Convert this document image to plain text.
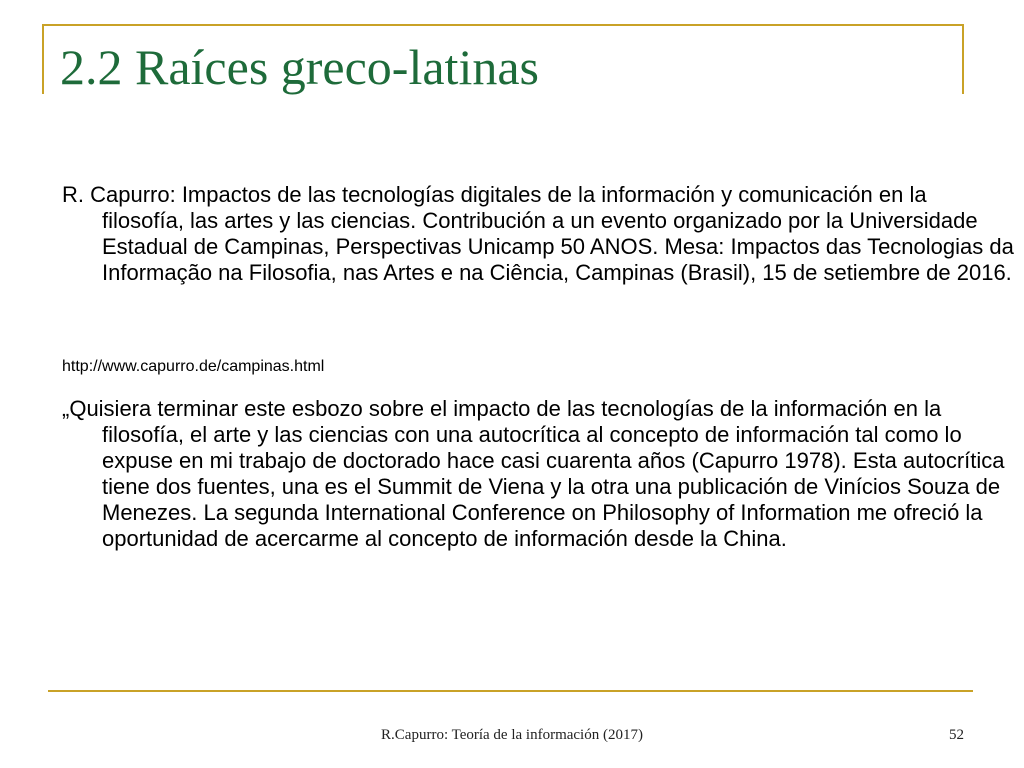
2.2 Raíces greco-latinas

R. Capurro: Impactos de las tecnologías digitales de la información y comunicación en la filosofía, las artes y las ciencias. Contribución a un evento organizado por la Universidade Estadual de Campinas, Perspectivas Unicamp 50 ANOS. Mesa: Impactos das Tecnologias da Informação na Filosofia, nas Artes e na Ciência, Campinas (Brasil), 15 de setiembre de 2016.

http://www.capurro.de/campinas.html

„Quisiera terminar este esbozo sobre el impacto de las tecnologías de la información en la filosofía, el arte y las ciencias con una autocrítica al concepto de información tal como lo expuse en mi trabajo de doctorado hace casi cuarenta años (Capurro 1978). Esta autocrítica tiene dos fuentes, una es el Summit de Viena y la otra una publicación de Vinícios Souza de Menezes. La segunda International Conference on Philosophy of Information me ofreció la oportunidad de acercarme al concepto de información desde la China.

R.Capurro: Teoría de la información (2017)	52
